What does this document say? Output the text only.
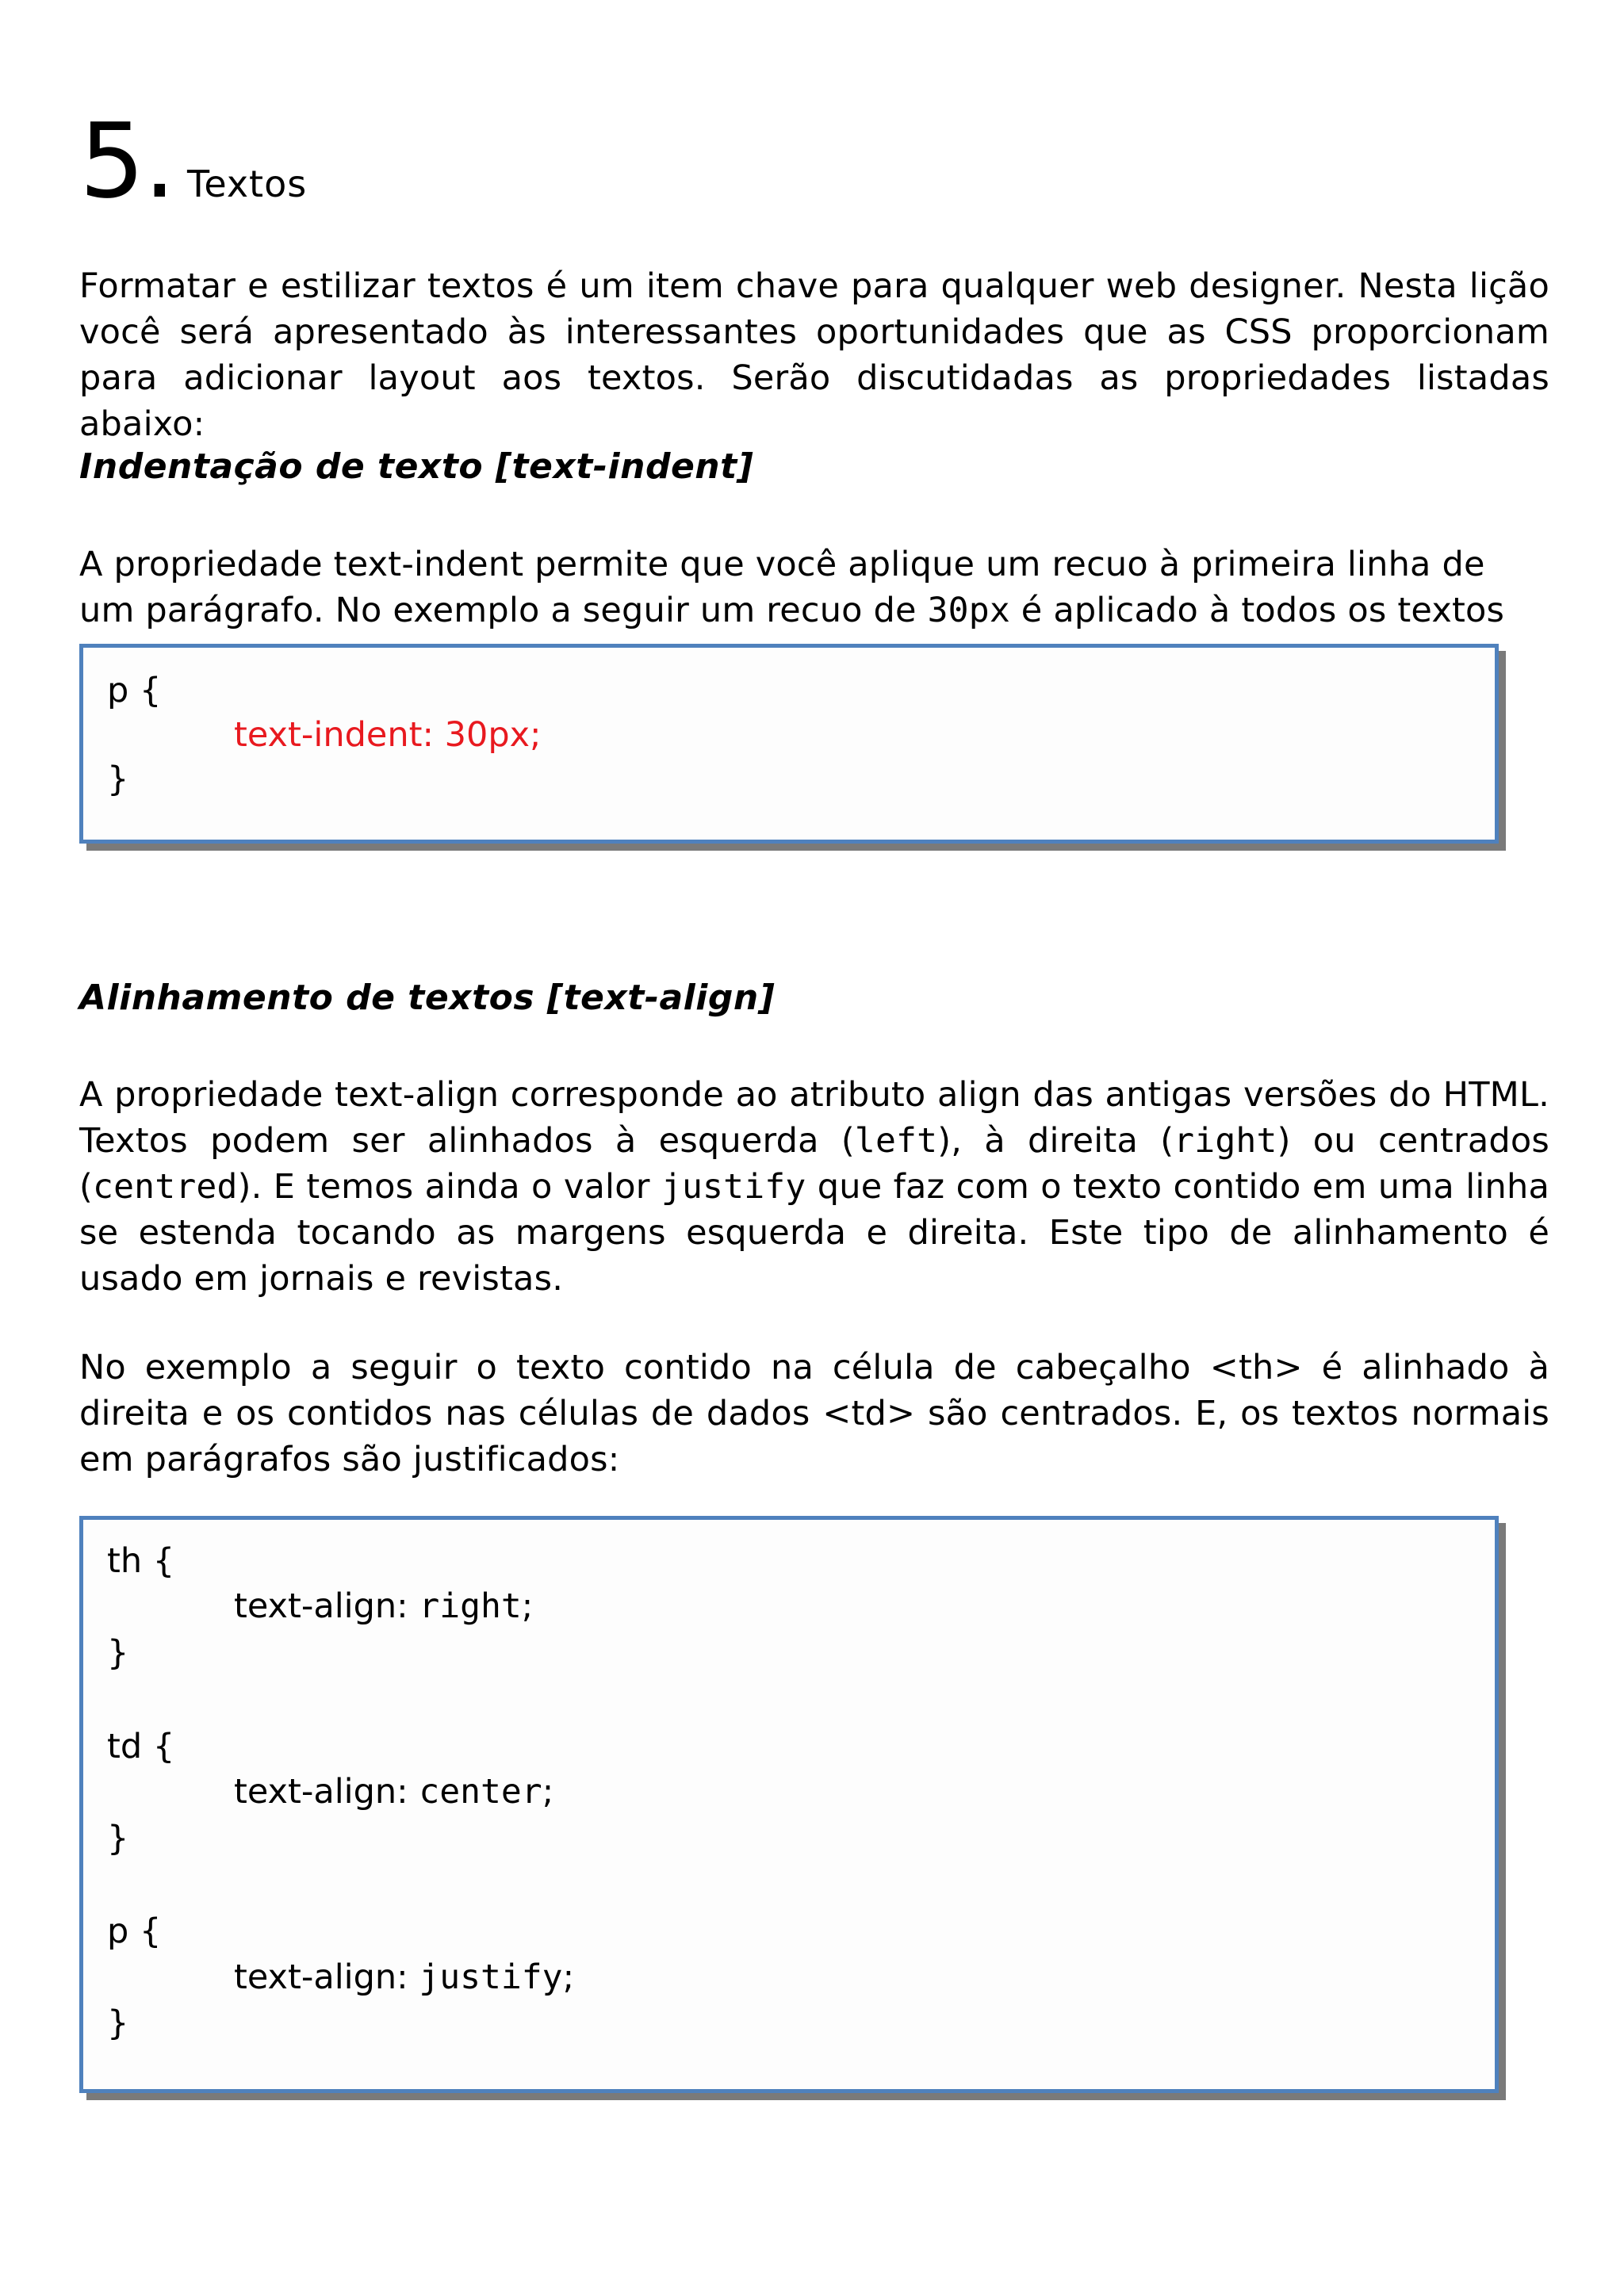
5. Textos

Formatar e estilizar textos é um item chave para qualquer web designer. Nesta lição você será apresentado às interessantes oportunidades que as CSS proporcionam para adicionar layout aos textos. Serão discutidadas as propriedades listadas abaixo:

Indentação de texto [text-indent]

A propriedade text-indent permite que você aplique um recuo à primeira linha de um parágrafo. No exemplo a seguir um recuo de 30px é aplicado à todos os textos

p {
text-indent: 30px;
}
Alinhamento de textos [text-align]

A propriedade text-align corresponde ao atributo align das antigas versões do HTML. Textos podem ser alinhados à esquerda (left), à direita (right) ou centrados (centred). E temos ainda o valor justify que faz com o texto contido em uma linha se estenda tocando as margens esquerda e direita. Este tipo de alinhamento é usado em jornais e revistas.

No exemplo a seguir o texto contido na célula de cabeçalho <th> é alinhado à direita e os contidos nas células de dados <td> são centrados. E, os textos normais em parágrafos são justificados:

th {
text-align: right;
}
td {
text-align: center;
}
p {
text-align: justify;
}
